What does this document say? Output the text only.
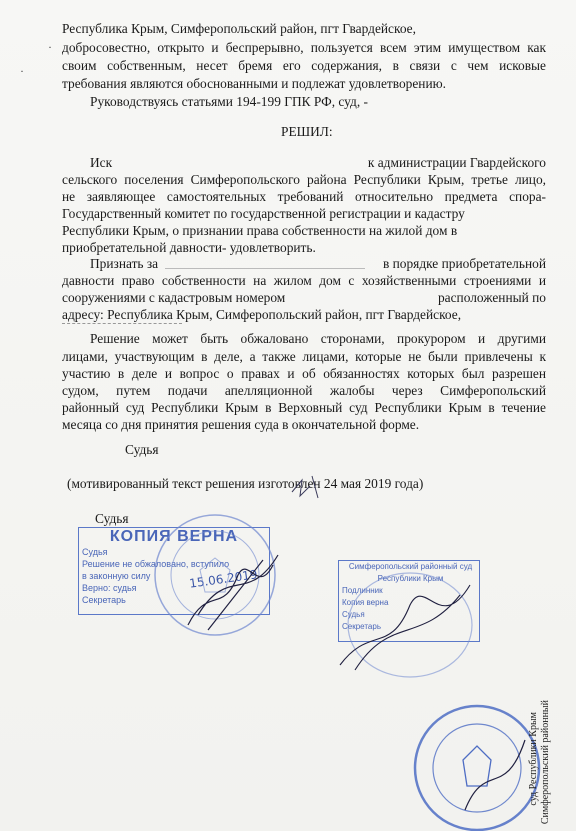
Республика Крым, Симферопольский район, пгт Гвардейское,
добросовестно, открыто и беспрерывно, пользуется всем этим имуществом как
своим собственным, несет бремя его содержания, в связи с чем исковые
требования являются обоснованными и подлежат удовлетворению.
Руководствуясь статьями 194-199 ГПК РФ, суд, -
РЕШИЛ:
Иск	к администрации Гвардейского
сельского поселения Симферопольского района Республики Крым, третье лицо,
не заявляющее самостоятельных требований относительно предмета спора-
Государственный комитет по государственной регистрации и кадастру
Республики Крым, о признании права собственности на жилой дом в
приобретательной давности- удовлетворить.
Признать за	в порядке приобретательной
давности право собственности на жилом дом с хозяйственными строениями и
сооружениями с кадастровым номером	расположенный по
адресу: Республика Крым, Симферопольский район, пгт Гвардейское,
Решение может быть обжаловано сторонами, прокурором и другими
лицами, участвующим в деле, а также лицами, которые не были привлечены к
участию в деле и вопрос о правах и об обязанностях которых был разрешен
судом, путем подачи апелляционной жалобы через Симферопольский
районный суд Республики Крым в Верховный суд Республики Крым в течение
месяца со дня принятия решения суда в окончательной форме.
Судья
(мотивированный текст решения изготовлен 24 мая 2019 года)
Судья
КОПИЯ ВЕРНА
Судья
Решение не обжаловано, вступило
в законную силу
Верно: судья
Секретарь
15.06.2019
Симферопольский районный суд
Республики Крым
Подлинник
Копия верна
Судья
Секретарь
Симферопольский районный
суд Республики Крым
·
·
